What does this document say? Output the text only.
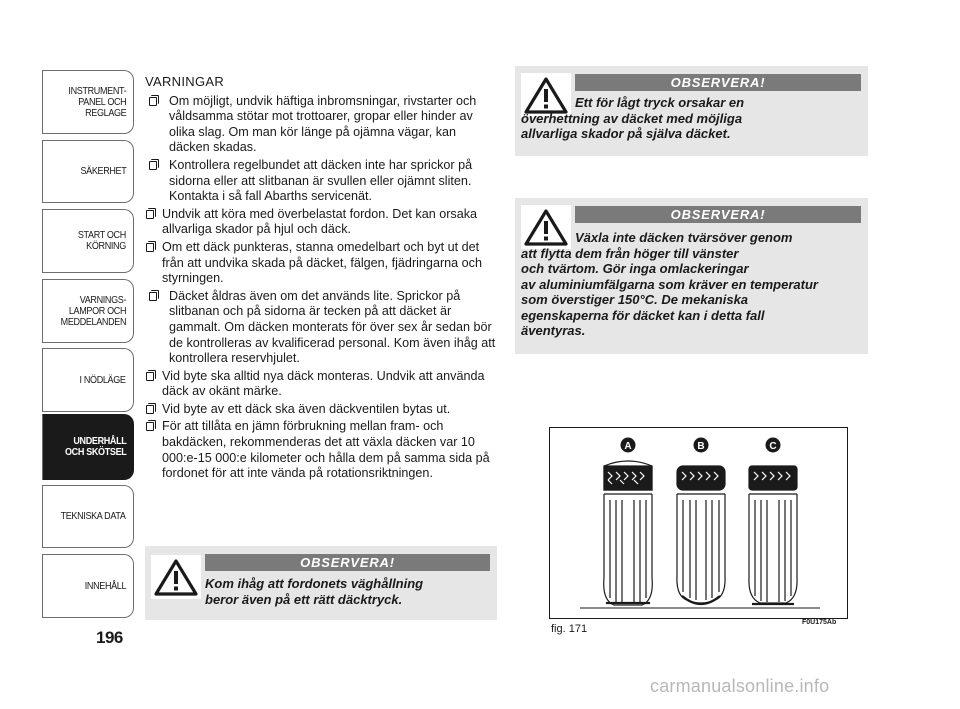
INSTRUMENT-
PANEL OCH
REGLAGE
SÄKERHET
START OCH
KÖRNING
VARNINGS-
LAMPOR OCH
MEDDELANDEN
I NÖDLÄGE
UNDERHÅLL
OCH SKÖTSEL
TEKNISKA DATA
INNEHÅLL
196
VARNINGAR
Om möjligt, undvik häftiga inbromsningar, rivstarter och våldsamma stötar mot trottoarer, gropar eller hinder av olika slag. Om man kör länge på ojämna vägar, kan däcken skadas.
Kontrollera regelbundet att däcken inte har sprickor på sidorna eller att slitbanan är svullen eller ojämnt sliten. Kontakta i så fall Abarths servicenät.
Undvik att köra med överbelastat fordon. Det kan orsaka allvarliga skador på hjul och däck.
Om ett däck punkteras, stanna omedelbart och byt ut det från att undvika skada på däcket, fälgen, fjädringarna och styrningen.
Däcket åldras även om det används lite. Sprickor på slitbanan och på sidorna är tecken på att däcket är gammalt. Om däcken monterats för över sex år sedan bör de kontrolleras av kvalificerad personal. Kom även ihåg att kontrollera reservhjulet.
Vid byte ska alltid nya däck monteras. Undvik att använda däck av okänt märke.
Vid byte av ett däck ska även däckventilen bytas ut.
För att tillåta en jämn förbrukning mellan fram- och bakdäcken, rekommenderas det att växla däcken var 10 000:e-15 000:e kilometer och hålla dem på samma sida på fordonet för att inte vända på rotationsriktningen.
OBSERVERA!

Kom ihåg att fordonets väghållning
beror även på ett rätt däcktryck.

OBSERVERA!

Ett för lågt tryck orsakar en
överhettning av däcket med möjliga
allvarliga skador på själva däcket.

OBSERVERA!

Växla inte däcken tvärsöver genom
att flytta dem från höger till vänster
och tvärtom. Gör inga omlackeringar
av aluminiumfälgarna som kräver en temperatur
som överstiger 150°C. De mekaniska
egenskaperna för däcket kan i detta fall
äventyras.

A	B	C
fig. 171
F0U175Ab
carmanualsonline.info
